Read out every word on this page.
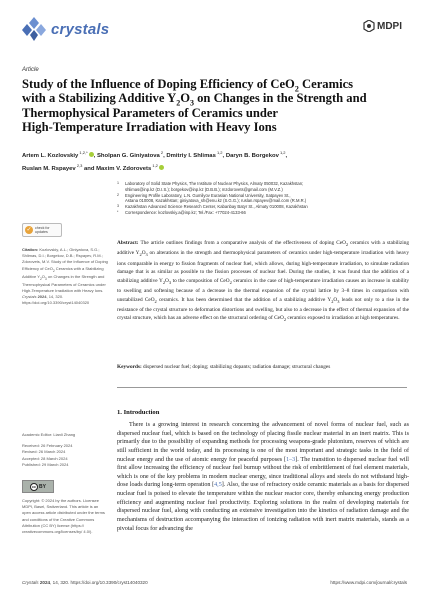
crystals	MDPI
Article
Study of the Influence of Doping Efficiency of CeO$_2$ Ceramics
with a Stabilizing Additive $Y_2O_3$ on Changes in the Strength and
Thermophysical Parameters of Ceramics under
High-Temperature Irradiation with Heavy Ions
Artem L. Kozlovskiy $^{1,2,*}$, Sholpan G. Giniyatova $^2$, Dmitriy I. Shlimas $^{1,2}$, Daryn B. Borgekov $^{1,2}$,
Ruslan M. Rspayev $^{2,3}$ and Maxim V. Zdorovets $^{1,2}$
1	Laboratory of Solid State Physics, The Institute of Nuclear Physics, Almaty 050032, Kazakhstan;
shlimas@inp.kz (D.I.S.); borgekov@inp.kz (D.B.B.); mzdorovets@gmail.com (M.V.Z.)
2	Engineering Profile Laboratory, L.N. Gumilyov Eurasian National University, Satpayev St.,
Astana 010008, Kazakhstan; giniyatova_sh@enu.kz (S.G.G.); ruslan.rspayev@mail.com (R.M.R.)
3	Kazakhstan Advanced Science Research Center, Kabanbay Batyr St., Almaty 010008, Kazakhstan
*	Correspondence: kozlovskiy.a@inp.kz; Tel./Fax: +77024-4133-66
✓ check for
updates
Citation: Kozlovskiy, A.L.; Giniyatova, S.G.; Shlimas, D.I.; Borgekov, D.B.; Rspayev, R.M.; Zdorovets, M.V. Study of the Influence of Doping Efficiency of CeO$_2$ Ceramics with a Stabilizing Additive $Y_2O_3$ on Changes in the Strength and Thermophysical Parameters of Ceramics under High-Temperature Irradiation with Heavy Ions. Crystals 2024, 14, 320. https://doi.org/10.3390/cryst14040320
Academic Editor: Lianli Zhang
Received: 26 February 2024
Revised: 26 March 2024
Accepted: 28 March 2024
Published: 29 March 2024
cc BY
Copyright: © 2024 by the authors. Licensee MDPI, Basel, Switzerland. This article is an open access article distributed under the terms and conditions of the Creative Commons Attribution (CC BY) license (https:// creativecommons.org/licenses/by/ 4.0/).
Abstract: The article outlines findings from a comparative analysis of the effectiveness of doping CeO$_2$ ceramics with a stabilizing additive $Y_2O_3$ on alterations in the strength and thermophysical parameters of ceramics under high-temperature irradiation with heavy ions comparable in energy to fission fragments of nuclear fuel, which allows, during high-temperature irradiation, to simulate radiation damage that is as similar as possible to the fission processes of nuclear fuel. During the studies, it was found that the addition of a stabilizing additive $Y_2O_3$ to the composition of CeO$_2$ ceramics in the case of high-temperature irradiation causes an increase in stability to swelling and softening because of a decrease in the thermal expansion of the crystal lattice by 3–8 times in comparison with unstabilized CeO$_2$ ceramics. It has been determined that the addition of a stabilizing additive $Y_2O_3$ leads not only to a rise in the resistance of the crystal structure to deformation distortions and swelling, but also to a decrease in the effect of thermal expansion of the crystal structure, which has an adverse effect on the structural ordering of CeO$_2$ ceramics exposed to irradiation at high temperatures.
Keywords: dispersed nuclear fuel; doping; stabilizing dopants; radiation damage; structural changes
1. Introduction
There is a growing interest in research concerning the advancement of novel forms of nuclear fuel, such as dispersed nuclear fuel, which is based on the technology of placing fissile nuclear material in an inert matrix. This is primarily due to the possibility of expanding methods for processing weapons-grade plutonium, reserves of which are still sufficient in the world today, and its processing is one of the most important and strategic tasks in the field of nuclear energy and the use of atomic energy for peaceful purposes [1–3]. The transition to dispersed nuclear fuel will first allow increasing the efficiency of nuclear fuel burnup without the risk of embrittlement of fuel element materials, which is one of the key problems in modern nuclear energy, since traditional alloys and steels do not withstand high-dose loads during long-term operation [4,5]. Also, the use of refractory oxide ceramic materials as a basis for dispersed nuclear fuel is poised to elevate the temperature within the nuclear reactor core, thereby enhancing energy production efficiency and augmenting nuclear fuel productivity. Exploring solutions in the realm of developing materials for dispersed nuclear fuel, along with conducting an extensive investigation into the kinetics of radiation damage and the mechanisms of destruction accompanying the interaction of ionizing radiation with inert matrix materials, stands as a pivotal focus for advancing the
Crystals 2024, 14, 320. https://doi.org/10.3390/cryst14040320	https://www.mdpi.com/journal/crystals
